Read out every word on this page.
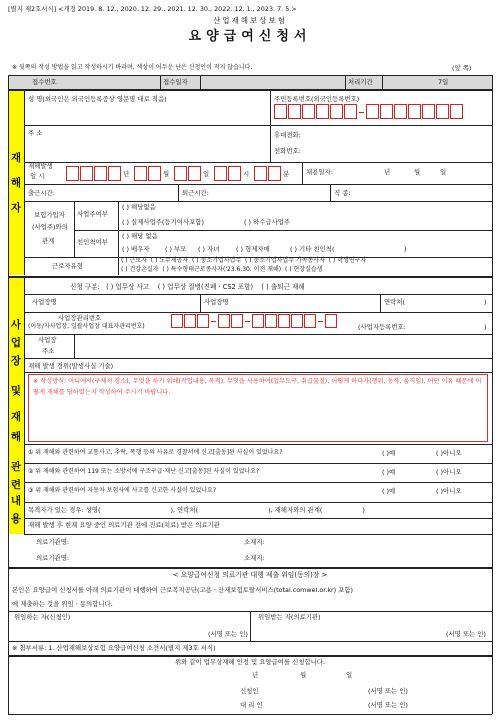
[별지 제2호서식] <개정 2019. 8. 12., 2020. 12. 29., 2021. 12. 30., 2022. 12. 1., 2023. 7. 5.>
산업재해보상보험
요양급여신청서
※ 뒷쪽의 작성 방법을 읽고 작성하시기 바라며, 색상이 어두운 난은 신청인이 적지 않습니다.	(앞 쪽)
접수번호	접수일자	처리기간	7일
재
해
자
성 명(외국인은 외국인등록증상 영문명 대로 적음)	주민등록번호(외국인등록번호)
주 소	휴대전화:
전화번호:
재해발생
일 시	년	월	일	시	분	채용일자:	년	월	일
출근시간:	퇴근시간:	직 종:
보험가입자
(사업주)와의
관계
사업주여부
( ) 해당없음
( ) 실제사업주(등기이사포함)	( ) 하수급사업주
친인척여부
( ) 해당 없음
( ) 배우자 ( ) 부모 ( ) 자녀	( ) 형제자매	( ) 기타 친인척(	)
근로자유형
( ) 근로자 ( ) 노무제공자 ( ) 중소기업사업주 ( ) 중소기업사업주 가족종사자 ( ) 학생연구자
( ) 건강손실자 ( ) 특수형태근로종사자('23.6.30. 이전 재해) ( ) 현장실습생
사
업
장
및
재
해
관
련
내
용
신청 구분: ( ) 업무상 사고 ( ) 업무상 질병(진폐ㆍCS2 포함) ( ) 출퇴근 재해
사업장명	사업장명	연락처(	)
사업장관리번호
(이동/자사업장, 일괄사업장 대표자관리번호)	(사업자등록번호:	)
사업장
주소
재해 발생 경위(발생사실 기술)
※ 작성방식: 어디에서(구체적 장소), 무엇을 하기 위해(작업내용, 목적), 무엇을 사용하여(업무도구, 취급물질), 어떻게 하다가(행위, 동작, 움직임), 어떤 이유 때문에 어떻게 재해를 당하였는지 작성하여 주시기 바랍니다.
① 위 재해와 관련하여 교통사고, 추락, 폭행 등의 사유로 경찰서에 신고[출동]된 사실이 있었나요?	( )예	( )아니오
② 위 재해와 관련하여 119 또는 소방서에 구조구급·재난 신고[출동]된 사실이 있었나요?	( )예	( )아니오
③ 위 재해와 관련하여 자동차 보험사에 사고를 신고한 사실이 있었나요?	( )예	( )아니오
목격자가 있는 경우: 성명(	), 연락처(	), 재해자와의 관계(	)
재해 발생 후 현재 요양 중인 의료기관 전에 진료(치료) 받은 의료기관
의료기관명:	소재지:
의료기관명:	소재지:
< 요양급여신청 의료기관 대행 제출 위임(동의)장 >
본인은 요양급여 신청서를 아래 의료기관이 대행하여 근로복지공단(고용ㆍ산재보험토탈서비스(total.comwel.or.kr) 포함)
에 제출하는 것을 위임ㆍ동의합니다.
위임하는 자(신청인)	위임받는 자(의료기관)
(서명 또는 인)	(서명 또는 인)
※ 첨부서류: 1. 산업재해보상보험 요양급여신청 소견서(별지 제3호 서식)
위와 같이 업무상재해 인정 및 요양급여를 신청합니다.
년	월	일
신청인	(서명 또는 인)
대 리 인	(서명 또는 인)
